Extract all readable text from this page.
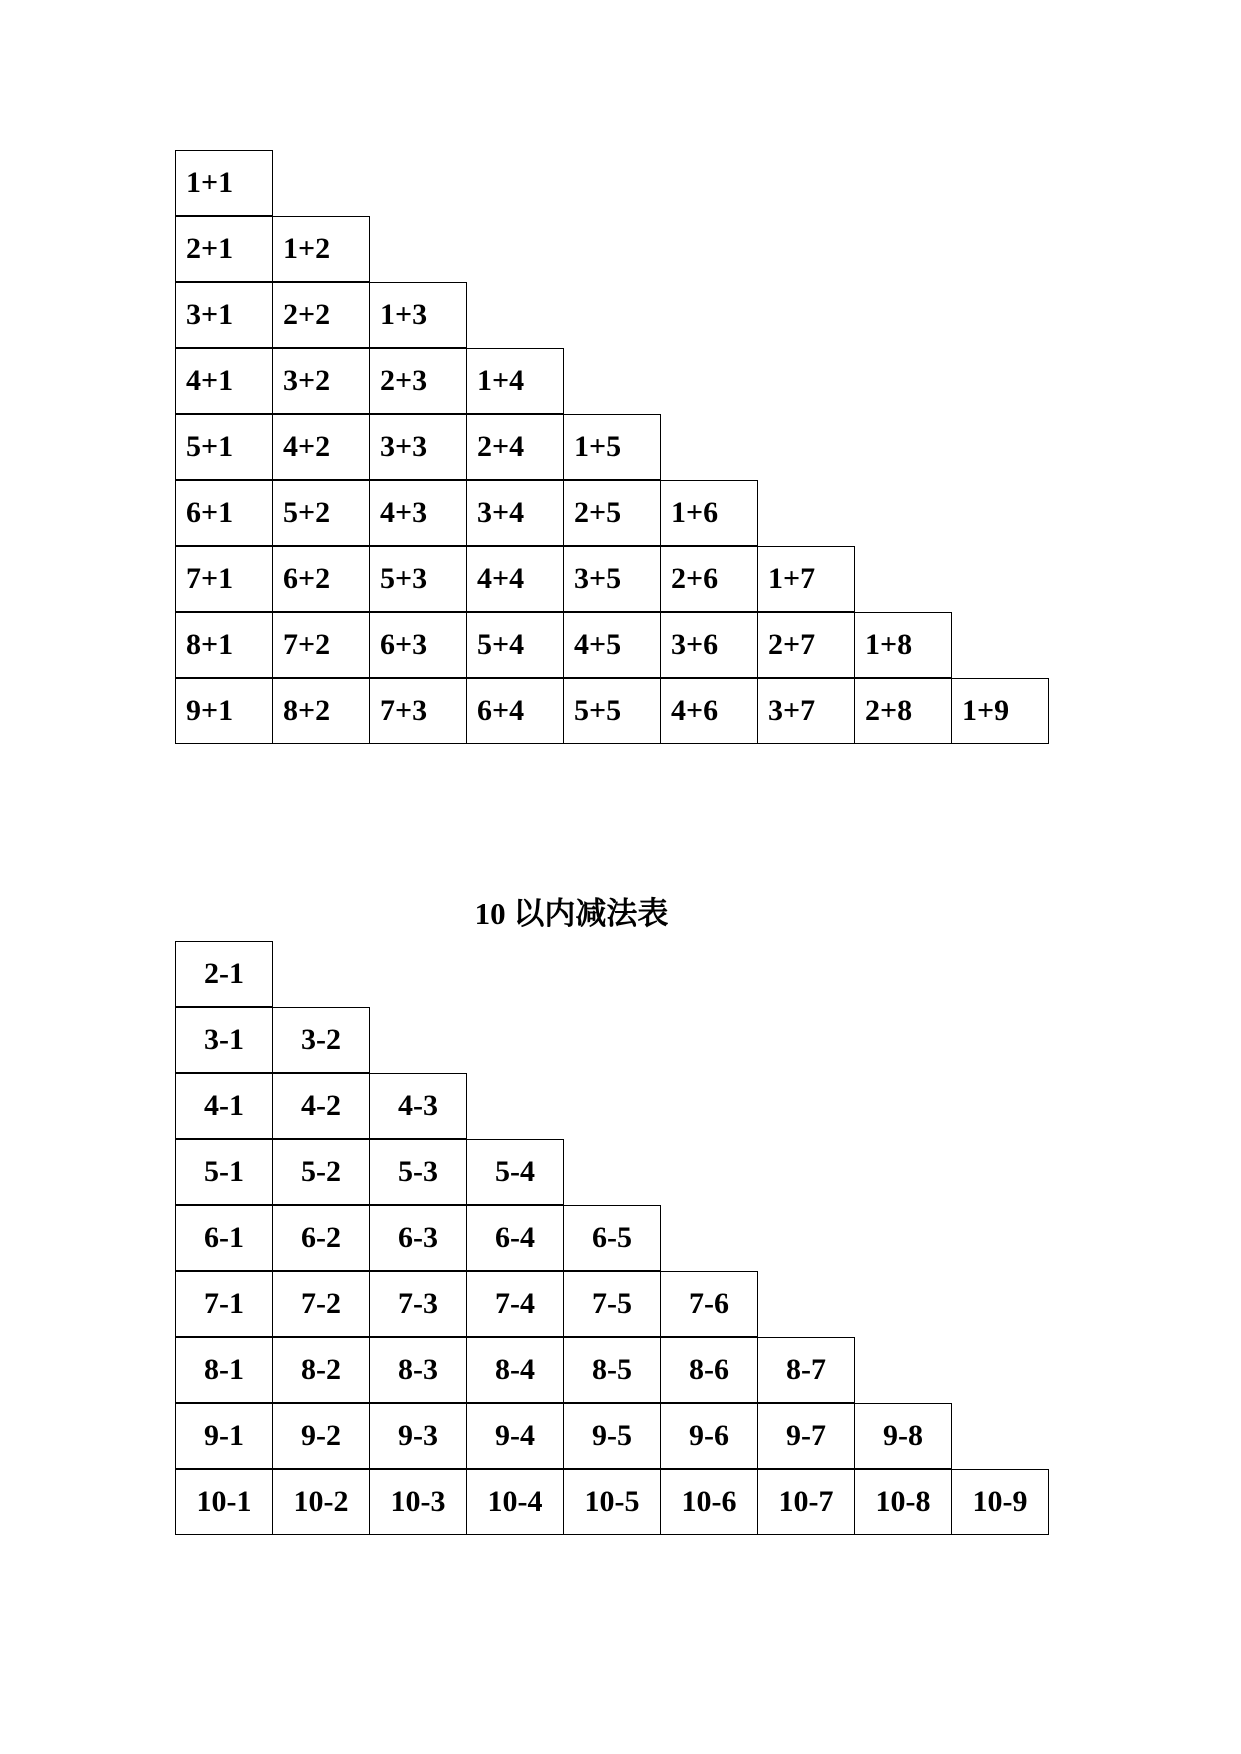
1+1
2+1	1+2
3+1	2+2	1+3
4+1	3+2	2+3	1+4
5+1	4+2	3+3	2+4	1+5
6+1	5+2	4+3	3+4	2+5	1+6
7+1	6+2	5+3	4+4	3+5	2+6	1+7
8+1	7+2	6+3	5+4	4+5	3+6	2+7	1+8
9+1	8+2	7+3	6+4	5+5	4+6	3+7	2+8	1+9
10 以内减法表
2-1
3-1	3-2
4-1	4-2	4-3
5-1	5-2	5-3	5-4
6-1	6-2	6-3	6-4	6-5
7-1	7-2	7-3	7-4	7-5	7-6
8-1	8-2	8-3	8-4	8-5	8-6	8-7
9-1	9-2	9-3	9-4	9-5	9-6	9-7	9-8
10-1	10-2	10-3	10-4	10-5	10-6	10-7	10-8	10-9
